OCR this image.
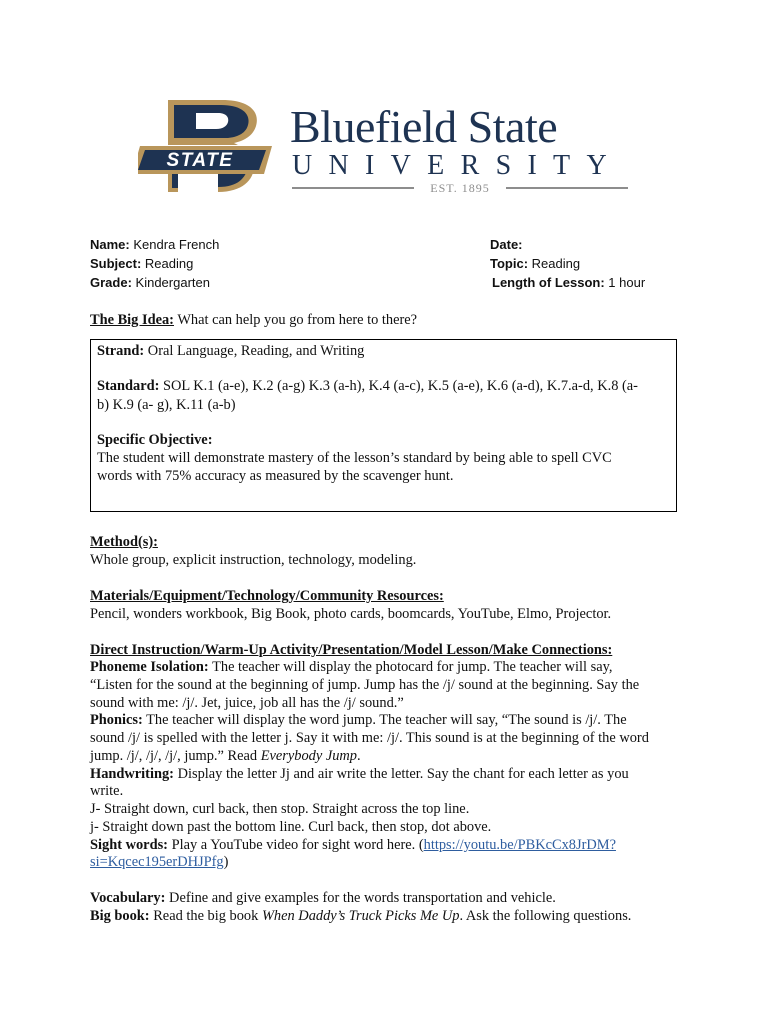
STATE
Bluefield State
UNIVERSITY
EST. 1895
Name: Kendra French	Date:
Subject: Reading	Topic: Reading
Grade: Kindergarten	Length of Lesson: 1 hour
The Big Idea: What can help you go from here to there?
Strand: Oral Language, Reading, and Writing
Standard: SOL K.1 (a-e), K.2 (a-g) K.3 (a-h), K.4 (a-c), K.5 (a-e), K.6 (a-d), K.7.a-d, K.8 (a-
b) K.9 (a- g), K.11 (a-b)
Specific Objective:
The student will demonstrate mastery of the lesson’s standard by being able to spell CVC
words with 75% accuracy as measured by the scavenger hunt.
Method(s):
Whole group, explicit instruction, technology, modeling.
Materials/Equipment/Technology/Community Resources:
Pencil, wonders workbook, Big Book, photo cards, boomcards, YouTube, Elmo, Projector.
Direct Instruction/Warm-Up Activity/Presentation/Model Lesson/Make Connections:
Phoneme Isolation: The teacher will display the photocard for jump. The teacher will say,
“Listen for the sound at the beginning of jump. Jump has the /j/ sound at the beginning. Say the
sound with me: /j/. Jet, juice, job all has the /j/ sound.”
Phonics: The teacher will display the word jump. The teacher will say, “The sound is /j/. The
sound /j/ is spelled with the letter j. Say it with me: /j/. This sound is at the beginning of the word
jump. /j/, /j/, /j/, jump.” Read Everybody Jump.
Handwriting: Display the letter Jj and air write the letter. Say the chant for each letter as you
write.
J- Straight down, curl back, then stop. Straight across the top line.
j- Straight down past the bottom line. Curl back, then stop, dot above.
Sight words: Play a YouTube video for sight word here. (https://youtu.be/PBKcCx8JrDM?
si=Kqcec195erDHJPfg)
Vocabulary: Define and give examples for the words transportation and vehicle.
Big book: Read the big book When Daddy’s Truck Picks Me Up. Ask the following questions.
